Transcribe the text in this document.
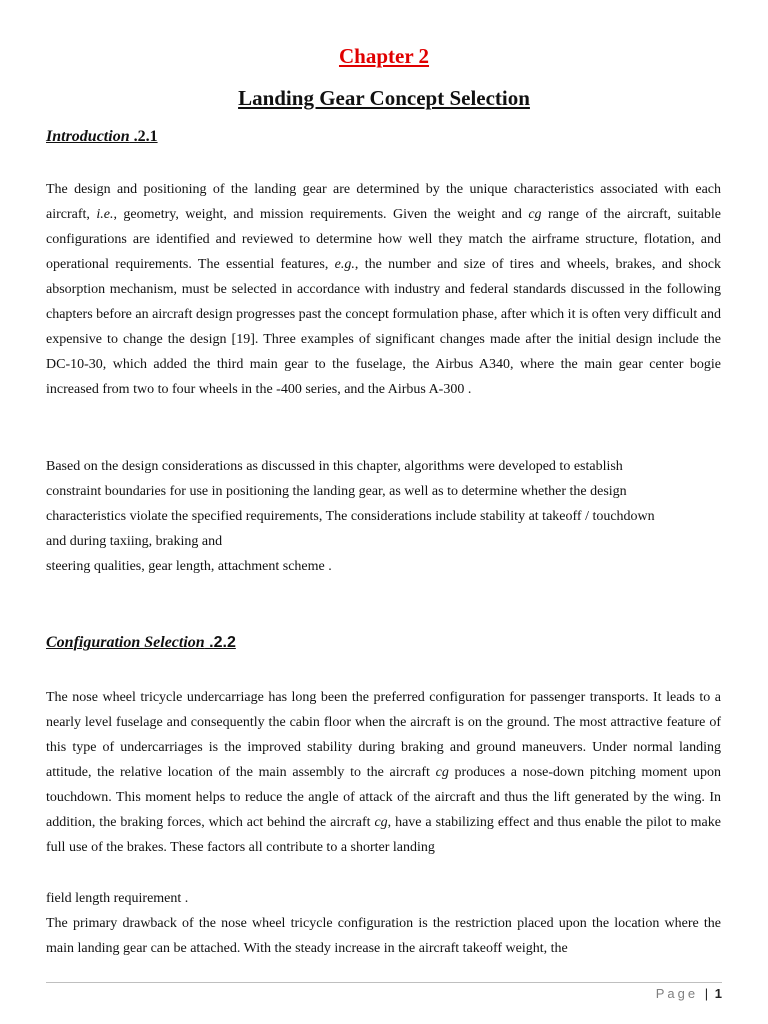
Chapter 2
Landing Gear Concept Selection
Introduction .2.1

The design and positioning of the landing gear are determined by the unique characteristics associated with each aircraft, i.e., geometry, weight, and mission requirements. Given the weight and cg range of the aircraft, suitable configurations are identified and reviewed to determine how well they match the airframe structure, flotation, and operational requirements. The essential features, e.g., the number and size of tires and wheels, brakes, and shock absorption mechanism, must be selected in accordance with industry and federal standards discussed in the following chapters before an aircraft design progresses past the concept formulation phase, after which it is often very difficult and expensive to change the design [19]. Three examples of significant changes made after the initial design include the DC-10-30, which added the third main gear to the fuselage, the Airbus A340, where the main gear center bogie increased from two to four wheels in the -400 series, and the Airbus A-300 .

Based on the design considerations as discussed in this chapter, algorithms were developed to establish

constraint boundaries for use in positioning the landing gear, as well as to determine whether the design

characteristics violate the specified requirements, The considerations include stability at takeoff / touchdown

and during taxiing, braking and

steering qualities, gear length, attachment scheme .

Configuration Selection .2.2

The nose wheel tricycle undercarriage has long been the preferred configuration for passenger transports. It leads to a nearly level fuselage and consequently the cabin floor when the aircraft is on the ground. The most attractive feature of this type of undercarriages is the improved stability during braking and ground maneuvers. Under normal landing attitude, the relative location of the main assembly to the aircraft cg produces a nose-down pitching moment upon touchdown. This moment helps to reduce the angle of attack of the aircraft and thus the lift generated by the wing. In addition, the braking forces, which act behind the aircraft cg, have a stabilizing effect and thus enable the pilot to make full use of the brakes. These factors all contribute to a shorter landing

field length requirement .

The primary drawback of the nose wheel tricycle configuration is the restriction placed upon the location where the main landing gear can be attached. With the steady increase in the aircraft takeoff weight, the

Page | 1
